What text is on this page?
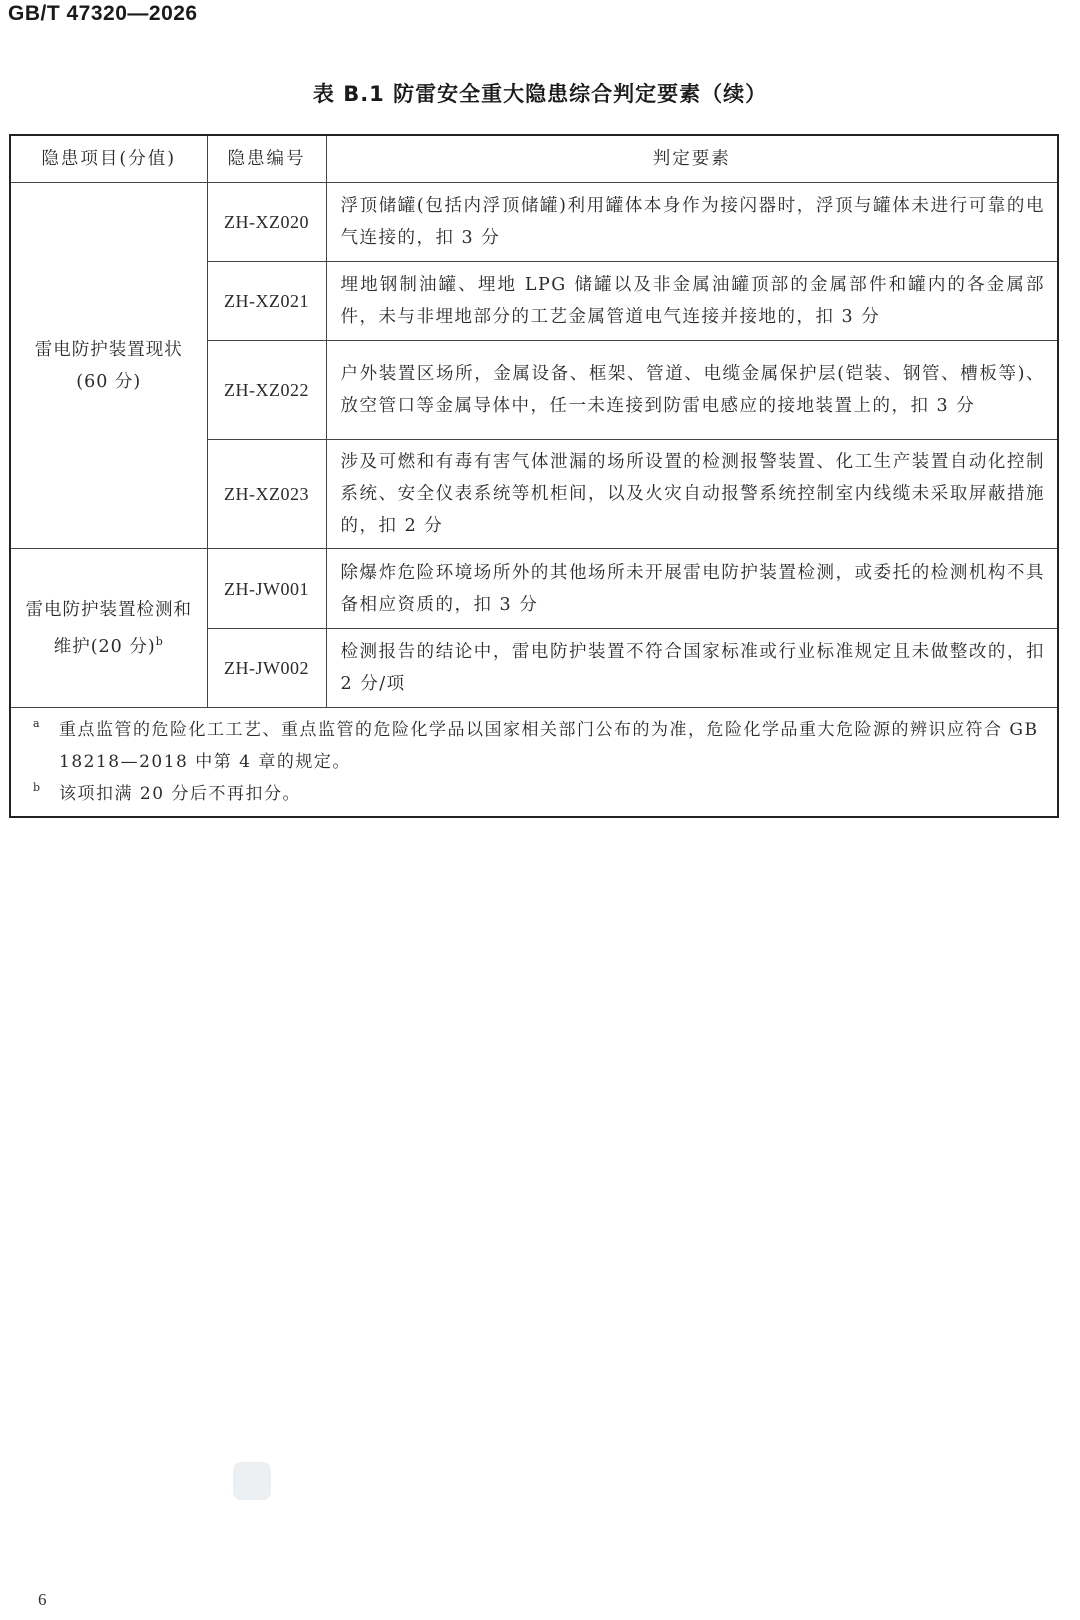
GB/T 47320—2026
表 B.1 防雷安全重大隐患综合判定要素（续）
隐患项目(分值)	隐患编号	判定要素

雷电防护装置现状
(60 分)	ZH-XZ020	浮顶储罐(包括内浮顶储罐)利用罐体本身作为接闪器时，浮顶与罐体未进行可靠的电气连接的，扣 3 分
	ZH-XZ021	埋地钢制油罐、埋地 LPG 储罐以及非金属油罐顶部的金属部件和罐内的各金属部件，未与非埋地部分的工艺金属管道电气连接并接地的，扣 3 分
	ZH-XZ022	户外装置区场所，金属设备、框架、管道、电缆金属保护层(铠装、钢管、槽板等)、放空管口等金属导体中，任一未连接到防雷电感应的接地装置上的，扣 3 分
	ZH-XZ023	涉及可燃和有毒有害气体泄漏的场所设置的检测报警装置、化工生产装置自动化控制系统、安全仪表系统等机柜间，以及火灾自动报警系统控制室内线缆未采取屏蔽措施的，扣 2 分

雷电防护装置检测和
维护(20 分)$^b$	ZH-JW001	除爆炸危险环境场所外的其他场所未开展雷电防护装置检测，或委托的检测机构不具备相应资质的，扣 3 分
	ZH-JW002	检测报告的结论中，雷电防护装置不符合国家标准或行业标准规定且未做整改的，扣 2 分/项

a 重点监管的危险化工工艺、重点监管的危险化学品以国家相关部门公布的为准，危险化学品重大危险源的辨识应符合 GB 18218—2018 中第 4 章的规定。
b 该项扣满 20 分后不再扣分。		
6
